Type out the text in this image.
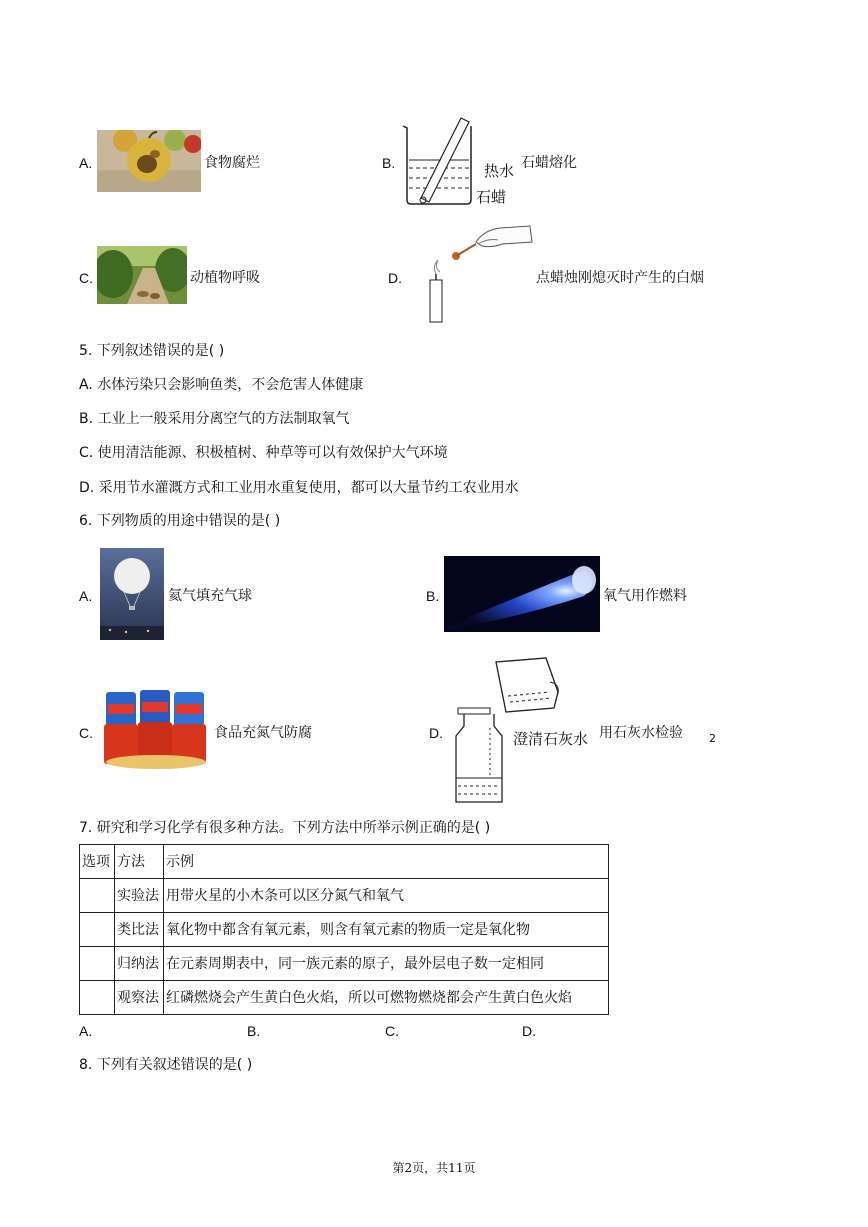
A.	食物腐烂	B.	热水
石蜡
石蜡熔化
C.	动植物呼吸	D.	点蜡烛刚熄灭时产生的白烟
5. 下列叙述错误的是( )
A. 水体污染只会影响鱼类，不会危害人体健康
B. 工业上一般采用分离空气的方法制取氧气
C. 使用清洁能源、积极植树、种草等可以有效保护大气环境
D. 采用节水灌溉方式和工业用水重复使用，都可以大量节约工农业用水
6. 下列物质的用途中错误的是( )
A.	氦气填充气球	B.	氧气用作燃料
C.	食品充氮气防腐	D.	澄清石灰水 用石灰水检验 2
7. 研究和学习化学有很多种方法。下列方法中所举示例正确的是( )
选项	方法	示例
	实验法	用带火星的小木条可以区分氮气和氧气
	类比法	氧化物中都含有氧元素，则含有氧元素的物质一定是氧化物
	归纳法	在元素周期表中，同一族元素的原子，最外层电子数一定相同
	观察法	红磷燃烧会产生黄白色火焰，所以可燃物燃烧都会产生黄白色火焰
A.	B.	C.	D.
8. 下列有关叙述错误的是( )
第2页，共11页
